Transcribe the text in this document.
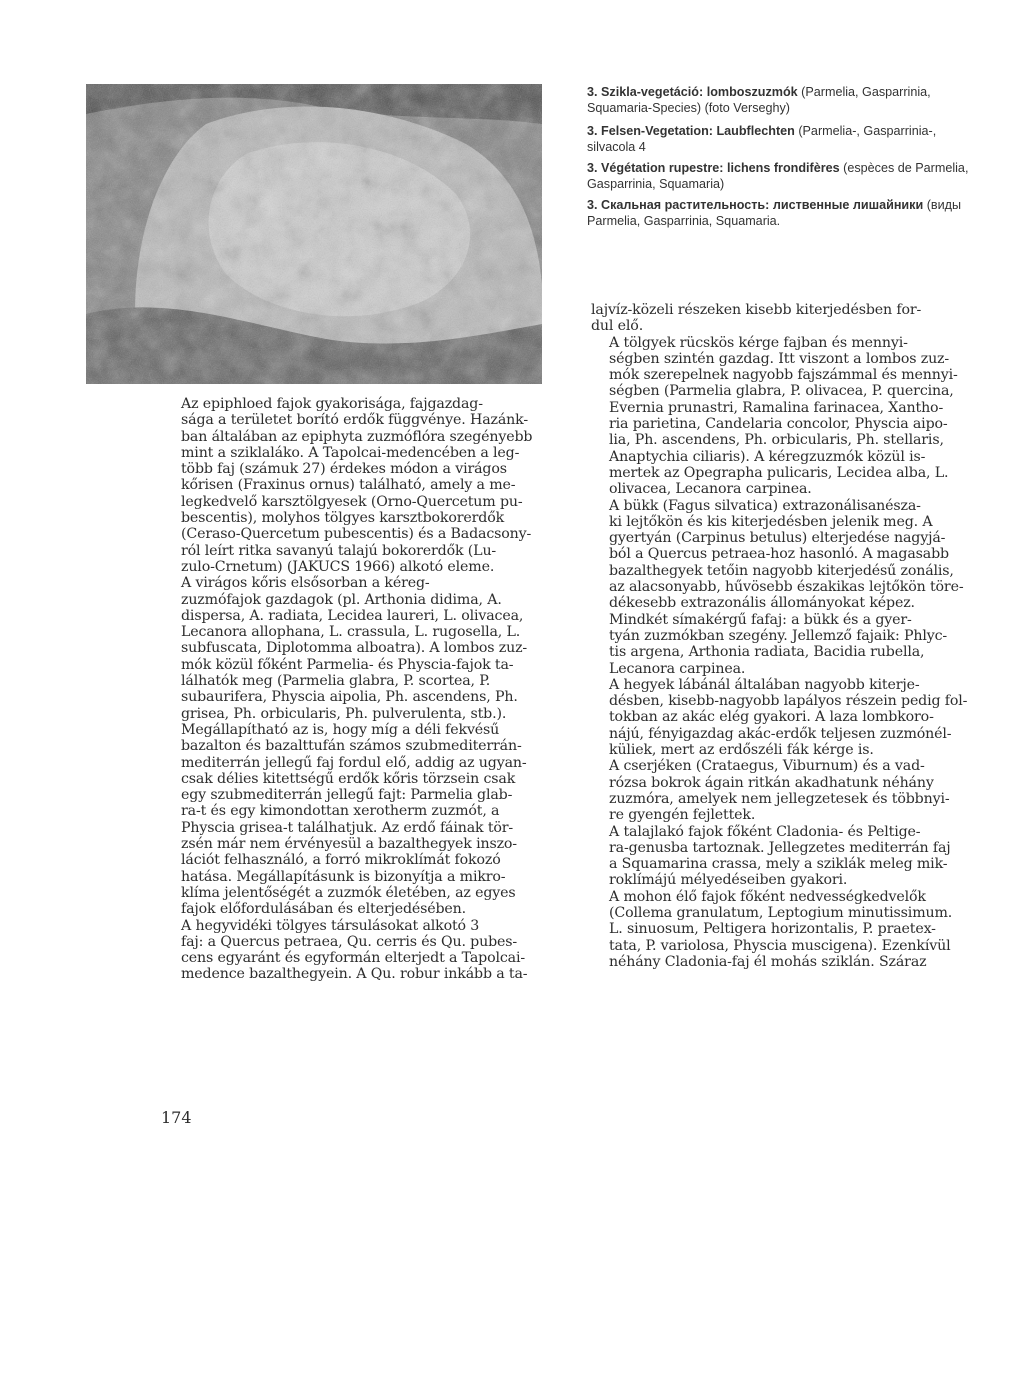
3. Szikla-vegetáció: lomboszuzmók (Parmelia, Gasparrinia, Squamaria-Species) (foto Verseghy)

3. Felsen-Vegetation: Laubflechten (Parmelia-, Gasparrinia-, silvacola 4

3. Végétation rupestre: lichens frondifères (espèces de Parmelia, Gasparrinia, Squamaria)

3. Скальная растительность: лиственные лишайники (виды Parmelia, Gasparrinia, Squamaria.

Az epiphloed fajok gyakorisága, fajgazdag-
sága a területet borító erdők függvénye. Hazánk-
ban általában az epiphyta zuzmóflóra szegényebb
mint a sziklaláko. A Tapolcai-medencében a leg-
több faj (számuk 27) érdekes módon a virágos
kőrisen (Fraxinus ornus) található, amely a me-
legkedvelő karsztölgyesek (Orno-Quercetum pu-
bescentis), molyhos tölgyes karsztbokorerdők
(Ceraso-Quercetum pubescentis) és a Badacsony-
ról leírt ritka savanyú talajú bokorerdők (Lu-
zulo-Crnetum) (JAKUCS 1966) alkotó eleme.

A virágos kőris elsősorban a kéreg-
zuzmófajok gazdagok (pl. Arthonia didima, A.
dispersa, A. radiata, Lecidea laureri, L. olivacea,
Lecanora allophana, L. crassula, L. rugosella, L.
subfuscata, Diplotomma alboatra). A lombos zuz-
mók közül főként Parmelia- és Physcia-fajok ta-
lálhatók meg (Parmelia glabra, P. scortea, P.
subaurifera, Physcia aipolia, Ph. ascendens, Ph.
grisea, Ph. orbicularis, Ph. pulverulenta, stb.).
Megállapítható az is, hogy míg a déli fekvésű
bazalton és bazalttufán számos szubmediterrán-
mediterrán jellegű faj fordul elő, addig az ugyan-
csak délies kitettségű erdők kőris törzsein csak
egy szubmediterrán jellegű fajt: Parmelia glab-
ra-t és egy kimondottan xerotherm zuzmót, a
Physcia grisea-t találhatjuk. Az erdő fáinak tör-
zsén már nem érvényesül a bazalthegyek inszo-
lációt felhasználó, a forró mikroklímát fokozó
hatása. Megállapításunk is bizonyítja a mikro-
klíma jelentőségét a zuzmók életében, az egyes
fajok előfordulásában és elterjedésében.

A hegyvidéki tölgyes társulásokat alkotó 3
faj: a Quercus petraea, Qu. cerris és Qu. pubes-
cens egyaránt és egyformán elterjedt a Tapolcai-
medence bazalthegyein. A Qu. robur inkább a ta-

lajvíz-közeli részeken kisebb kiterjedésben for-
dul elő.

A tölgyek rücskös kérge fajban és mennyi-
ségben szintén gazdag. Itt viszont a lombos zuz-
mók szerepelnek nagyobb fajszámmal és mennyi-
ségben (Parmelia glabra, P. olivacea, P. quercina,
Evernia prunastri, Ramalina farinacea, Xantho-
ria parietina, Candelaria concolor, Physcia aipo-
lia, Ph. ascendens, Ph. orbicularis, Ph. stellaris,
Anaptychia ciliaris). A kéregzuzmók közül is-
mertek az Opegrapha pulicaris, Lecidea alba, L.
olivacea, Lecanora carpinea.

A bükk (Fagus silvatica) extrazonálisanésza-
ki lejtőkön és kis kiterjedésben jelenik meg. A
gyertyán (Carpinus betulus) elterjedése nagyjá-
ból a Quercus petraea-hoz hasonló. A magasabb
bazalthegyek tetőin nagyobb kiterjedésű zonális,
az alacsonyabb, hűvösebb északikas lejtőkön töre-
dékesebb extrazonális állományokat képez.

Mindkét símakérgű fafaj: a bükk és a gyer-
tyán zuzmókban szegény. Jellemző fajaik: Phlyc-
tis argena, Arthonia radiata, Bacidia rubella,
Lecanora carpinea.

A hegyek lábánál általában nagyobb kiterje-
désben, kisebb-nagyobb lapályos részein pedig fol-
tokban az akác elég gyakori. A laza lombkoro-
nájú, fényigazdag akác-erdők teljesen zuzmónél-
küliek, mert az erdőszéli fák kérge is.

A cserjéken (Crataegus, Viburnum) és a vad-
rózsa bokrok ágain ritkán akadhatunk néhány
zuzmóra, amelyek nem jellegzetesek és többnyi-
re gyengén fejlettek.

A talajlakó fajok főként Cladonia- és Peltige-
ra-genusba tartoznak. Jellegzetes mediterrán faj
a Squamarina crassa, mely a sziklák meleg mik-
roklímájú mélyedéseiben gyakori.

A mohon élő fajok főként nedvességkedvelők
(Collema granulatum, Leptogium minutissimum.
L. sinuosum, Peltigera horizontalis, P. praetex-
tata, P. variolosa, Physcia muscigena). Ezenkívül
néhány Cladonia-faj él mohás sziklán. Száraz

174
